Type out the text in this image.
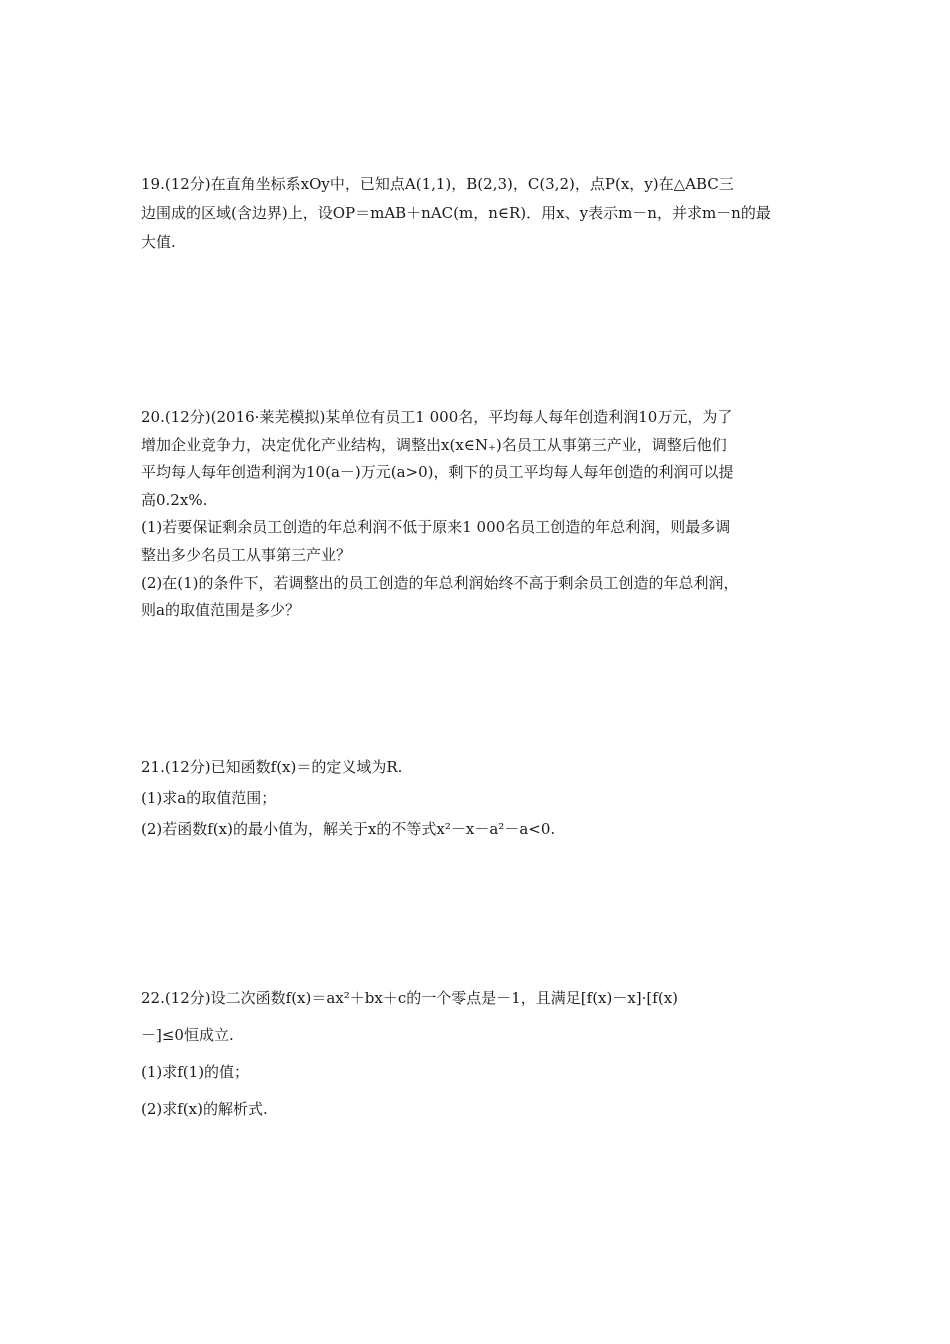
19.(12分)在直角坐标系xOy中，已知点A(1,1)，B(2,3)，C(3,2)，点P(x，y)在△ABC三
边围成的区域(含边界)上，设OP＝mAB＋nAC(m，n∈R)．用x、y表示m－n，并求m－n的最
大值.
20.(12分)(2016·莱芜模拟)某单位有员工1 000名，平均每人每年创造利润10万元，为了
增加企业竞争力，决定优化产业结构，调整出x(x∈N₊)名员工从事第三产业，调整后他们
平均每人每年创造利润为10(a－)万元(a>0)，剩下的员工平均每人每年创造的利润可以提
高0.2x%.
(1)若要保证剩余员工创造的年总利润不低于原来1 000名员工创造的年总利润，则最多调
整出多少名员工从事第三产业？
(2)在(1)的条件下，若调整出的员工创造的年总利润始终不高于剩余员工创造的年总利润，
则a的取值范围是多少？
21.(12分)已知函数f(x)＝的定义域为R.
(1)求a的取值范围；
(2)若函数f(x)的最小值为，解关于x的不等式x²－x－a²－a<0.
22.(12分)设二次函数f(x)＝ax²＋bx＋c的一个零点是－1，且满足[f(x)－x]·[f(x)
－]≤0恒成立.
(1)求f(1)的值；
(2)求f(x)的解析式.
